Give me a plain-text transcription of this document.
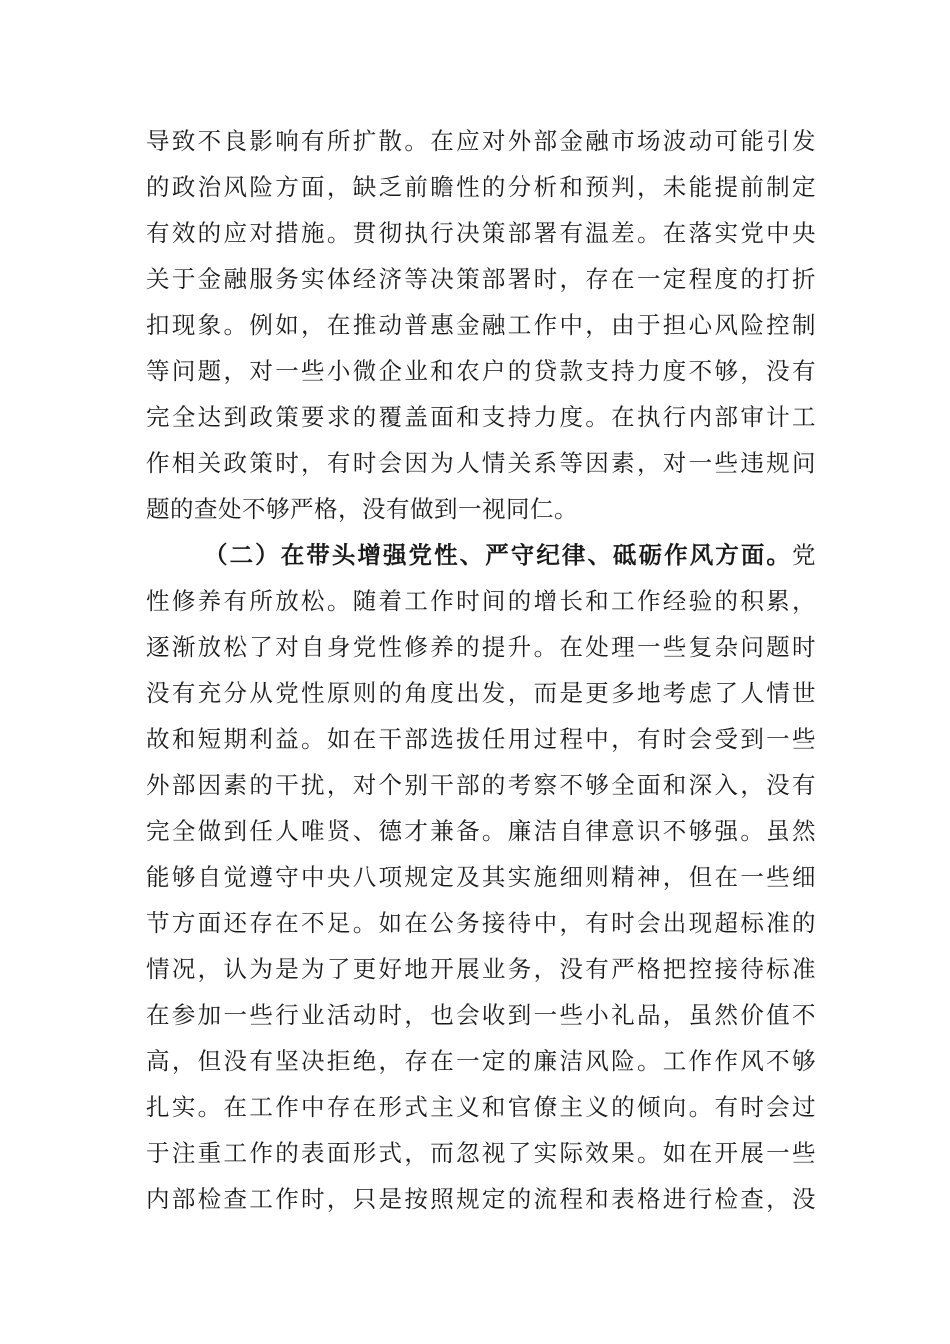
导致不良影响有所扩散。在应对外部金融市场波动可能引发
的政治风险方面，缺乏前瞻性的分析和预判，未能提前制定
有效的应对措施。贯彻执行决策部署有温差。在落实党中央
关于金融服务实体经济等决策部署时，存在一定程度的打折
扣现象。例如，在推动普惠金融工作中，由于担心风险控制
等问题，对一些小微企业和农户的贷款支持力度不够，没有
完全达到政策要求的覆盖面和支持力度。在执行内部审计工
作相关政策时，有时会因为人情关系等因素，对一些违规问
题的查处不够严格，没有做到一视同仁。
（二）在带头增强党性、严守纪律、砥砺作风方面。党
性修养有所放松。随着工作时间的增长和工作经验的积累，
逐渐放松了对自身党性修养的提升。在处理一些复杂问题时
没有充分从党性原则的角度出发，而是更多地考虑了人情世
故和短期利益。如在干部选拔任用过程中，有时会受到一些
外部因素的干扰，对个别干部的考察不够全面和深入，没有
完全做到任人唯贤、德才兼备。廉洁自律意识不够强。虽然
能够自觉遵守中央八项规定及其实施细则精神，但在一些细
节方面还存在不足。如在公务接待中，有时会出现超标准的
情况，认为是为了更好地开展业务，没有严格把控接待标准
在参加一些行业活动时，也会收到一些小礼品，虽然价值不
高，但没有坚决拒绝，存在一定的廉洁风险。工作作风不够
扎实。在工作中存在形式主义和官僚主义的倾向。有时会过
于注重工作的表面形式，而忽视了实际效果。如在开展一些
内部检查工作时，只是按照规定的流程和表格进行检查，没
